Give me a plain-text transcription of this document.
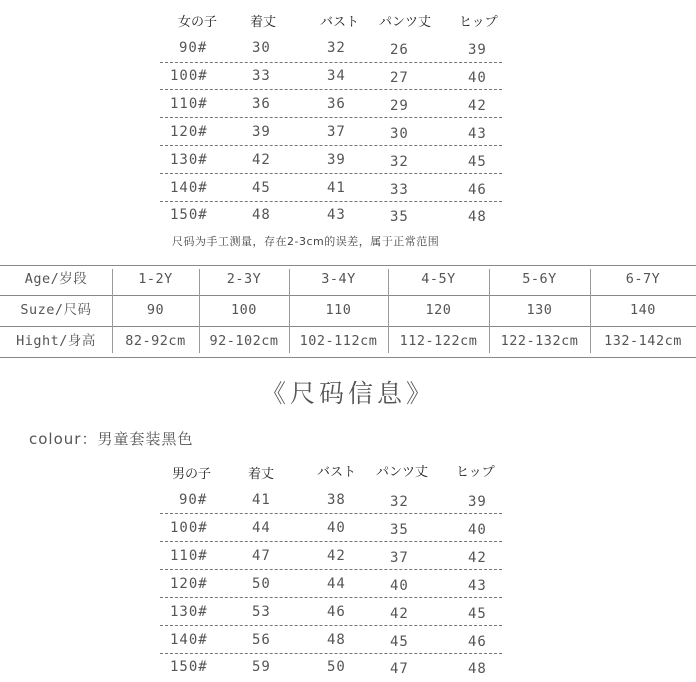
女の子	着丈	バスト パンツ丈 ヒップ
90#	30	32	26	39
100#	33	34	27	40
110#	36	36	29	42
120#	39	37	30	43
130#	42	39	32	45
140#	45	41	33	46
150#	48	43	35	48
尺码为手工测量，存在2-3cm的误差，属于正常范围
Age/岁段	1-2Y	2-3Y	3-4Y	4-5Y	5-6Y	6-7Y
Suze/尺码	90	100	110	120	130	140
Hight/身高	82-92cm	92-102cm	102-112cm	112-122cm	122-132cm	132-142cm
《尺码信息》
colour：男童套装黑色
男の子	着丈	バスト パンツ丈 ヒップ
90#	41	38	32	39
100#	44	40	35	40
110#	47	42	37	42
120#	50	44	40	43
130#	53	46	42	45
140#	56	48	45	46
150#	59	50	47	48
